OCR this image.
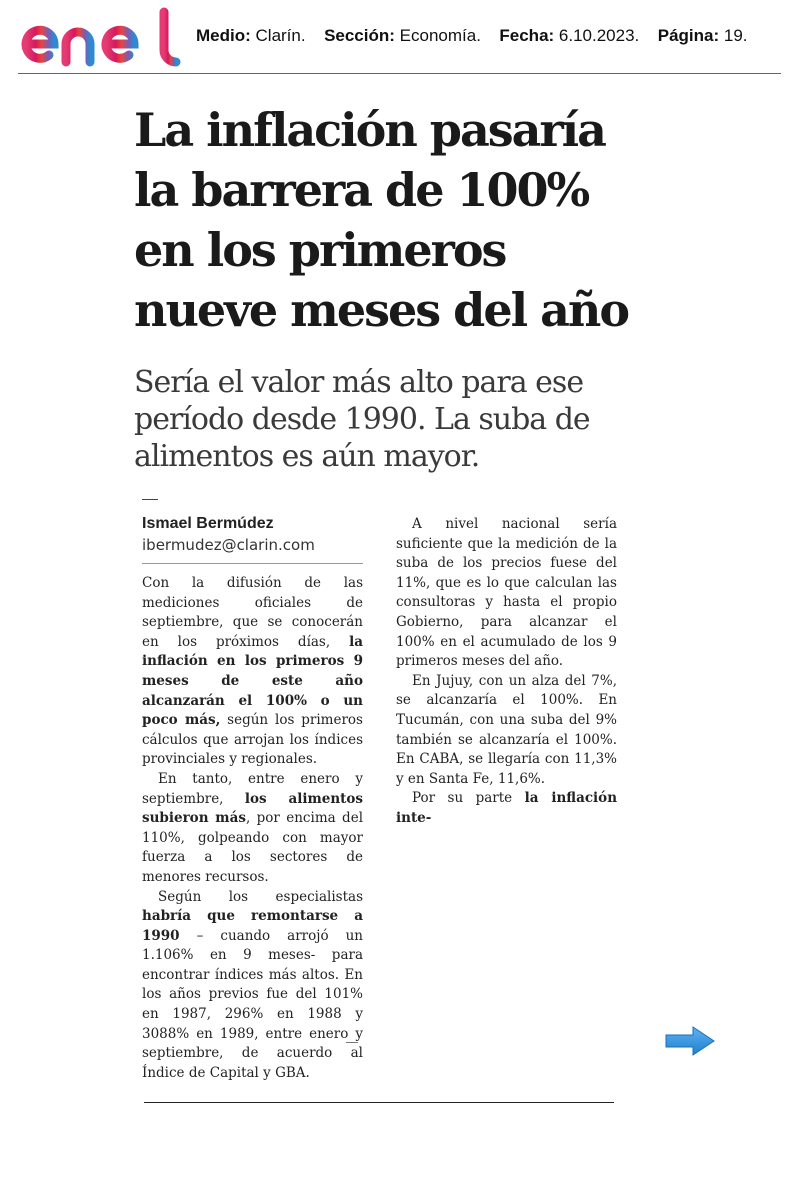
Medio: Clarín. Sección: Economía. Fecha: 6.10.2023. Página: 19.
La inflación pasaría la barrera de 100% en los primeros nueve meses del año
Sería el valor más alto para ese período desde 1990. La suba de alimentos es aún mayor.
Ismael Bermúdez
ibermudez@clarin.com

Con la difusión de las mediciones oficiales de septiembre, que se conocerán en los próximos días, la inflación en los primeros 9 meses de este año alcanzarán el 100% o un poco más, según los primeros cálculos que arrojan los índices provinciales y regionales.

En tanto, entre enero y septiembre, los alimentos subieron más, por encima del 110%, golpeando con mayor fuerza a los sectores de menores recursos.

Según los especialistas habría que remontarse a 1990 – cuando arrojó un 1.106% en 9 meses- para encontrar índices más altos. En los años previos fue del 101% en 1987, 296% en 1988 y 3088% en 1989, entre enero y septiembre, de acuerdo al Índice de Capital y GBA.

A nivel nacional sería suficiente que la medición de la suba de los precios fuese del 11%, que es lo que calculan las consultoras y hasta el propio Gobierno, para alcanzar el 100% en el acumulado de los 9 primeros meses del año.

En Jujuy, con un alza del 7%, se alcanzaría el 100%. En Tucumán, con una suba del 9% también se alcanzaría el 100%. En CABA, se llegaría con 11,3% y en Santa Fe, 11,6%.

Por su parte la inflación inte-
